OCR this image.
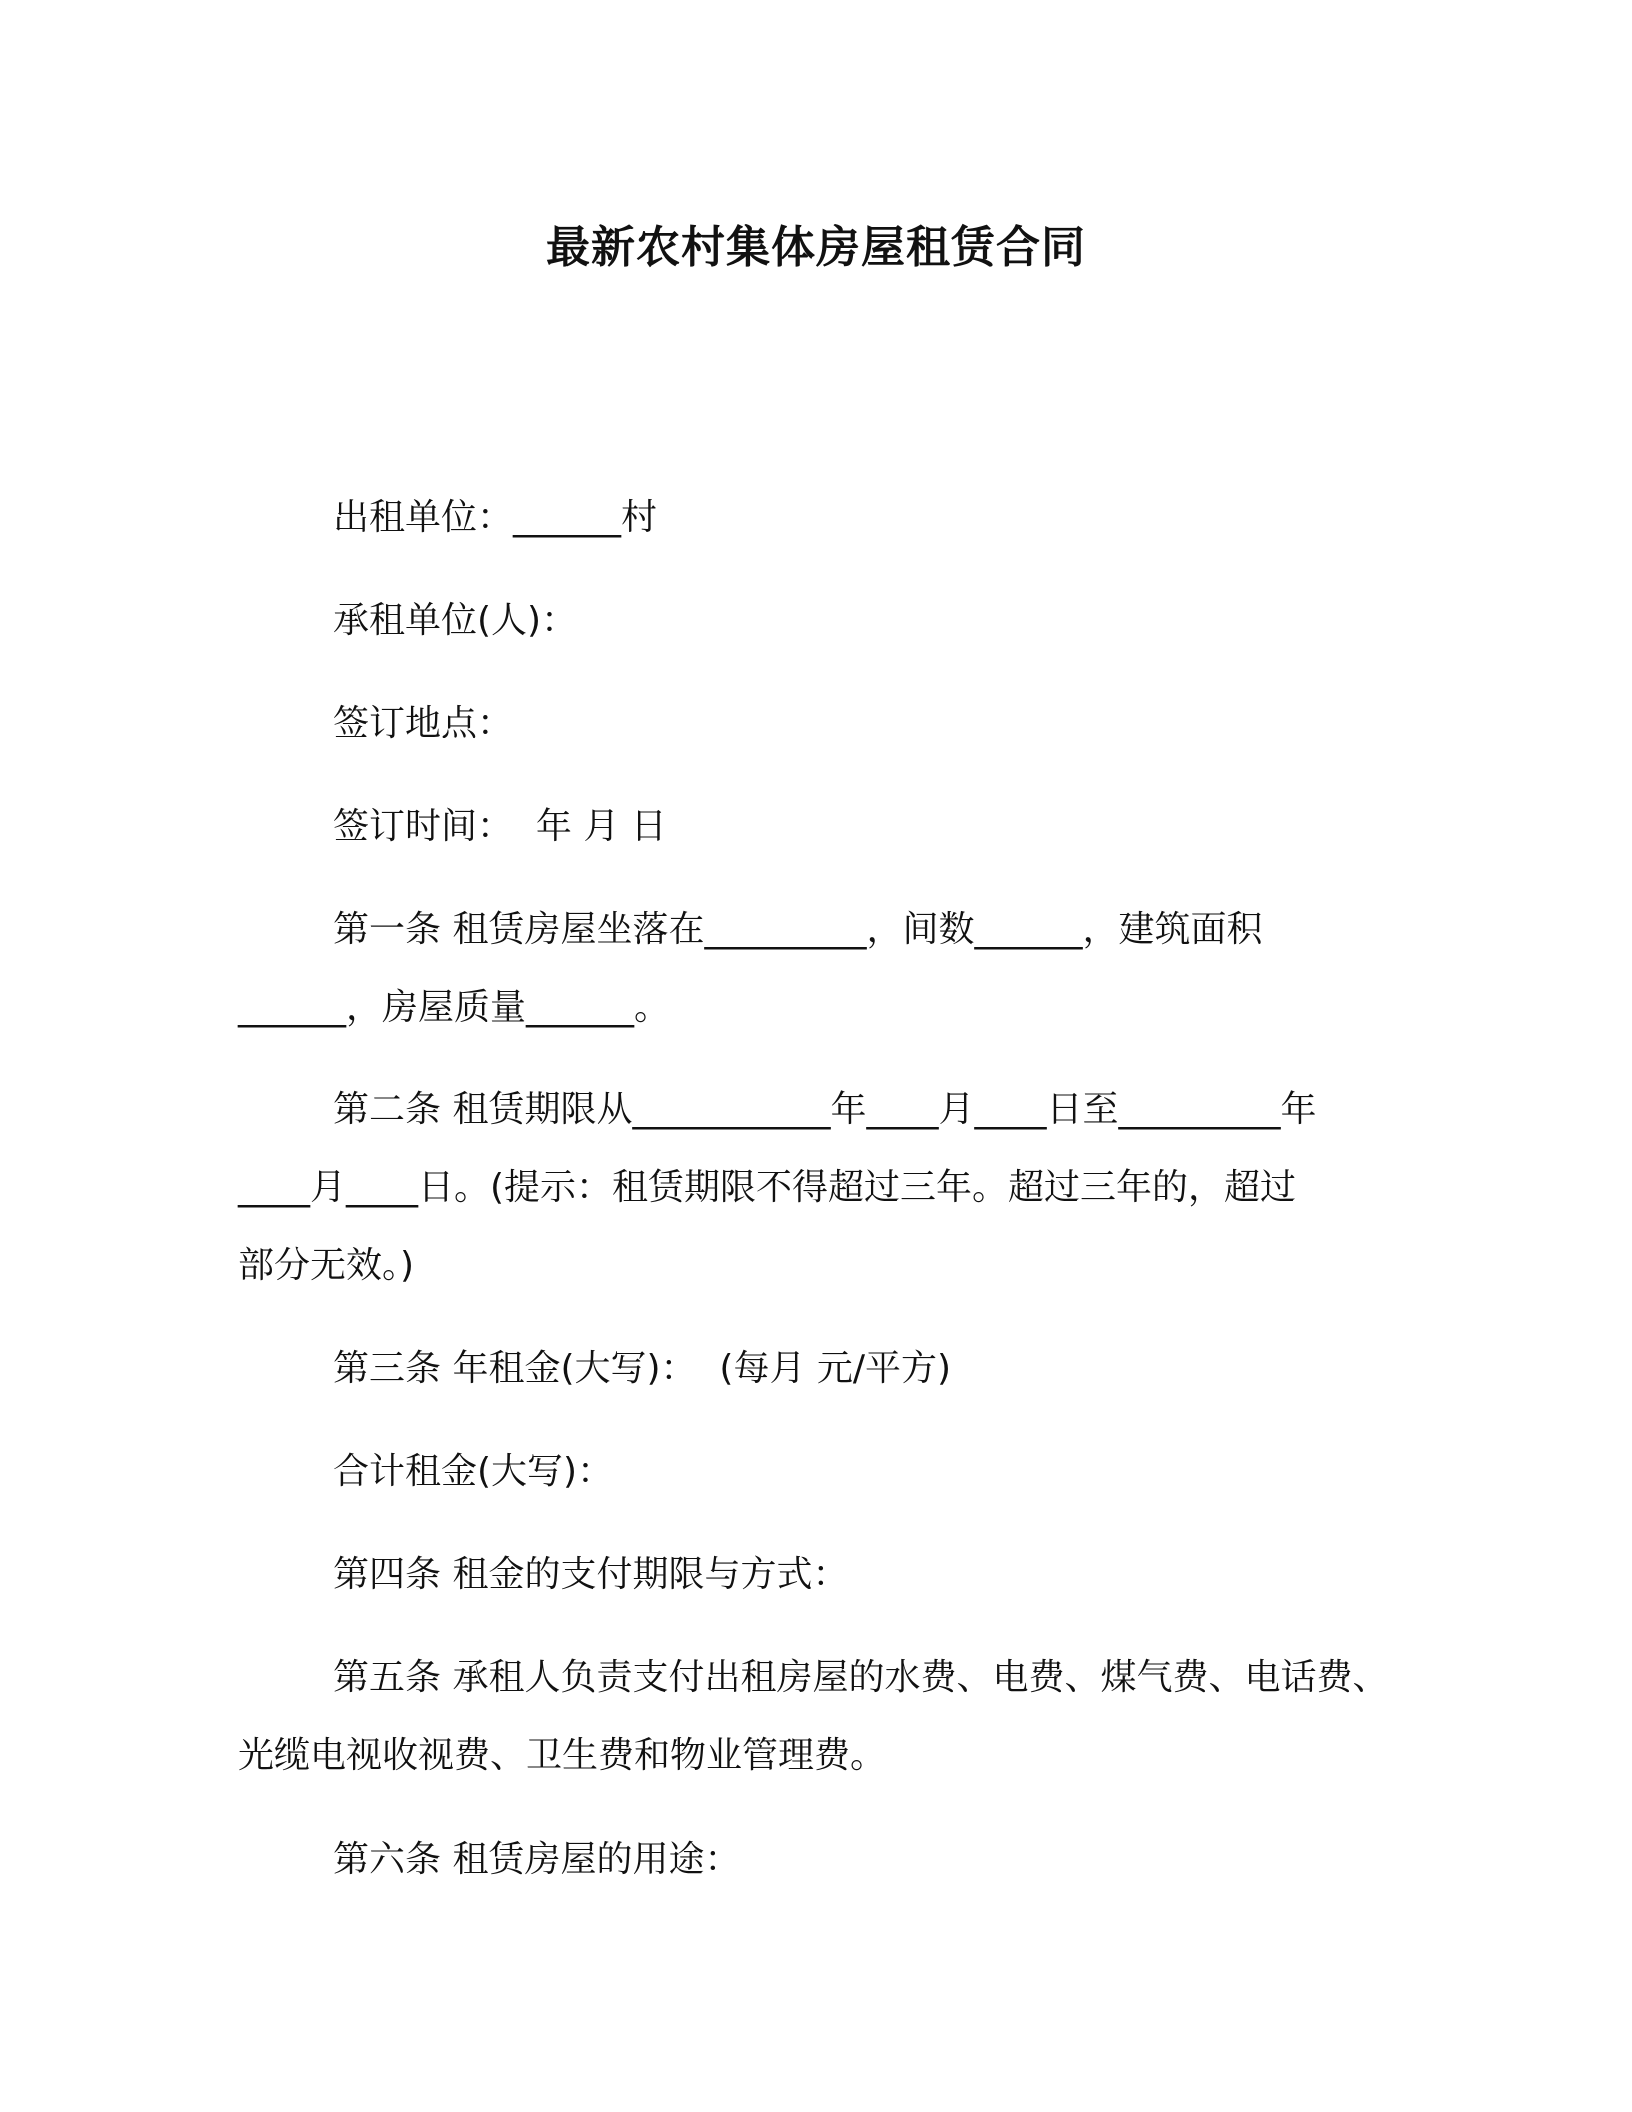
最新农村集体房屋租赁合同
出租单位：______村
承租单位(人)：
签订地点：
签订时间：  年 月 日
第一条 租赁房屋坐落在_________，间数______，建筑面积
______，房屋质量______。
第二条 租赁期限从___________年____月____日至_________年
____月____日。(提示：租赁期限不得超过三年。超过三年的，超过
部分无效。)
第三条 年租金(大写)：  (每月 元/平方)
合计租金(大写)：
第四条 租金的支付期限与方式：
第五条 承租人负责支付出租房屋的水费、电费、煤气费、电话费、
光缆电视收视费、卫生费和物业管理费。
第六条 租赁房屋的用途：
